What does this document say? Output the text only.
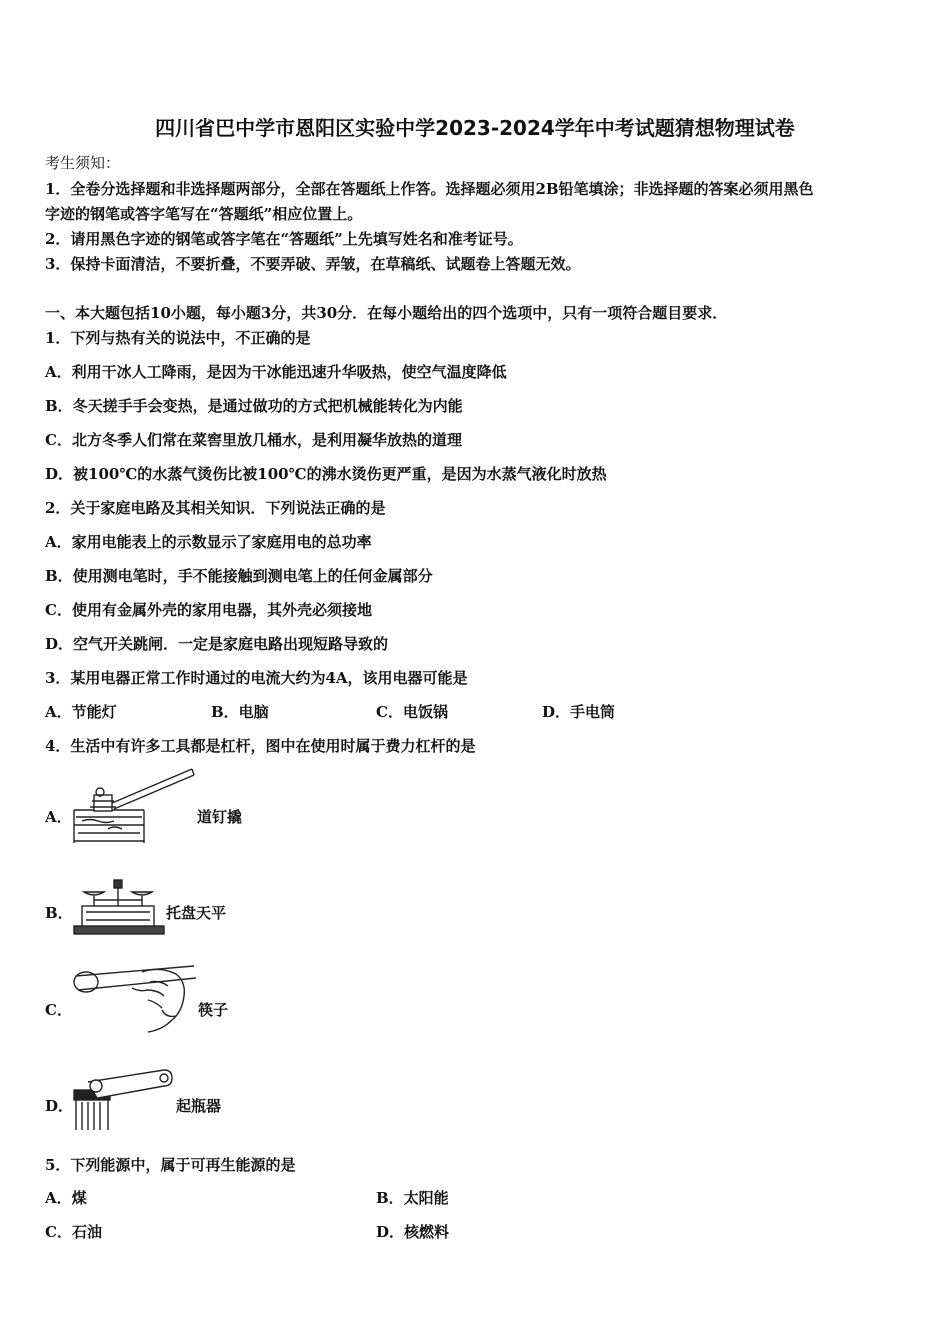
四川省巴中学市恩阳区实验中学2023-2024学年中考试题猜想物理试卷
考生须知：
1．全卷分选择题和非选择题两部分，全部在答题纸上作答。选择题必须用2B铅笔填涂；非选择题的答案必须用黑色
字迹的钢笔或答字笔写在“答题纸”相应位置上。
2．请用黑色字迹的钢笔或答字笔在“答题纸”上先填写姓名和准考证号。
3．保持卡面清洁，不要折叠，不要弄破、弄皱，在草稿纸、试题卷上答题无效。
一、本大题包括10小题，每小题3分，共30分．在每小题给出的四个选项中，只有一项符合题目要求．
1．下列与热有关的说法中，不正确的是
A．利用干冰人工降雨，是因为干冰能迅速升华吸热，使空气温度降低
B．冬天搓手手会变热，是通过做功的方式把机械能转化为内能
C．北方冬季人们常在菜窖里放几桶水，是利用凝华放热的道理
D．被100℃的水蒸气烫伤比被100℃的沸水烫伤更严重，是因为水蒸气液化时放热
2．关于家庭电路及其相关知识．下列说法正确的是
A．家用电能表上的示数显示了家庭用电的总功率
B．使用测电笔时，手不能接触到测电笔上的任何金属部分
C．使用有金属外壳的家用电器，其外壳必须接地
D．空气开关跳闸．一定是家庭电路出现短路导致的
3．某用电器正常工作时通过的电流大约为4A，该用电器可能是
A．节能灯	B．电脑	C．电饭锅	D．手电筒
4．生活中有许多工具都是杠杆，图中在使用时属于费力杠杆的是
A．	道钉撬
B．	托盘天平
C．	筷子
D．	起瓶器
5．下列能源中，属于可再生能源的是
A．煤	B．太阳能
C．石油	D．核燃料
